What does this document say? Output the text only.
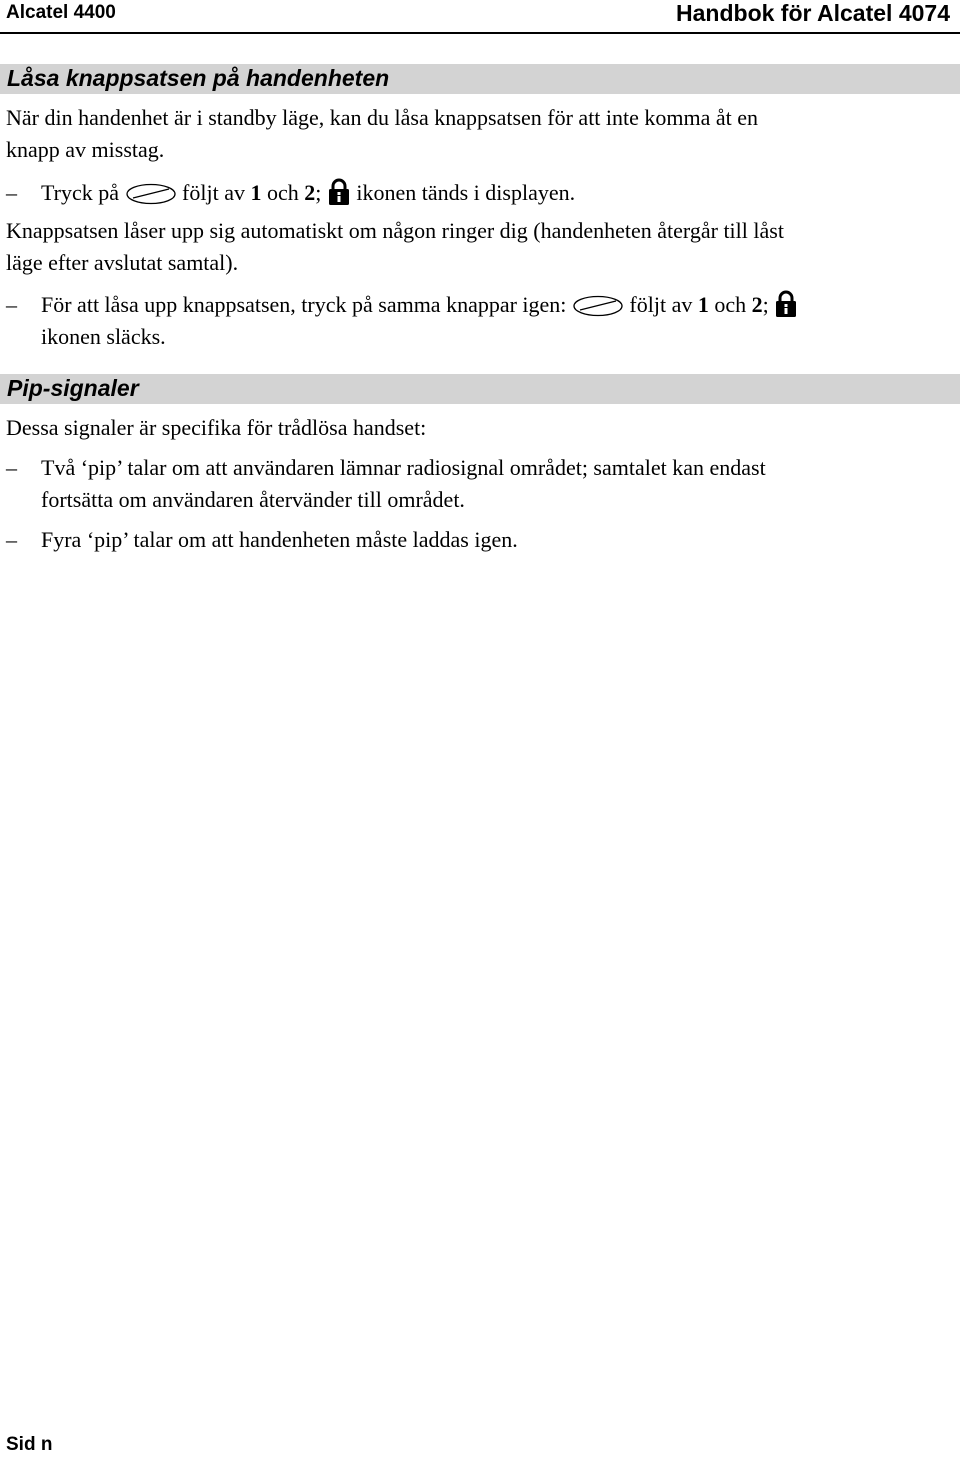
Alcatel 4400	Handbok för Alcatel 4074
Låsa knappsatsen på handenheten
När din handenhet är i standby läge, kan du låsa knappsatsen för att inte komma åt en
knapp av misstag.
– Tryck på	följt av 1 och 2; ikonen tänds i displayen.
Knappsatsen låser upp sig automatiskt om någon ringer dig (handenheten återgår till låst
läge efter avslutat samtal).
– För att låsa upp knappsatsen, tryck på samma knappar igen:	följt av 1 och 2;
ikonen släcks.
Pip-signaler
Dessa signaler är specifika för trådlösa handset:
– Två ‘pip’ talar om att användaren lämnar radiosignal området; samtalet kan endast
fortsätta om användaren återvänder till området.
– Fyra ‘pip’ talar om att handenheten måste laddas igen.
Sid n
